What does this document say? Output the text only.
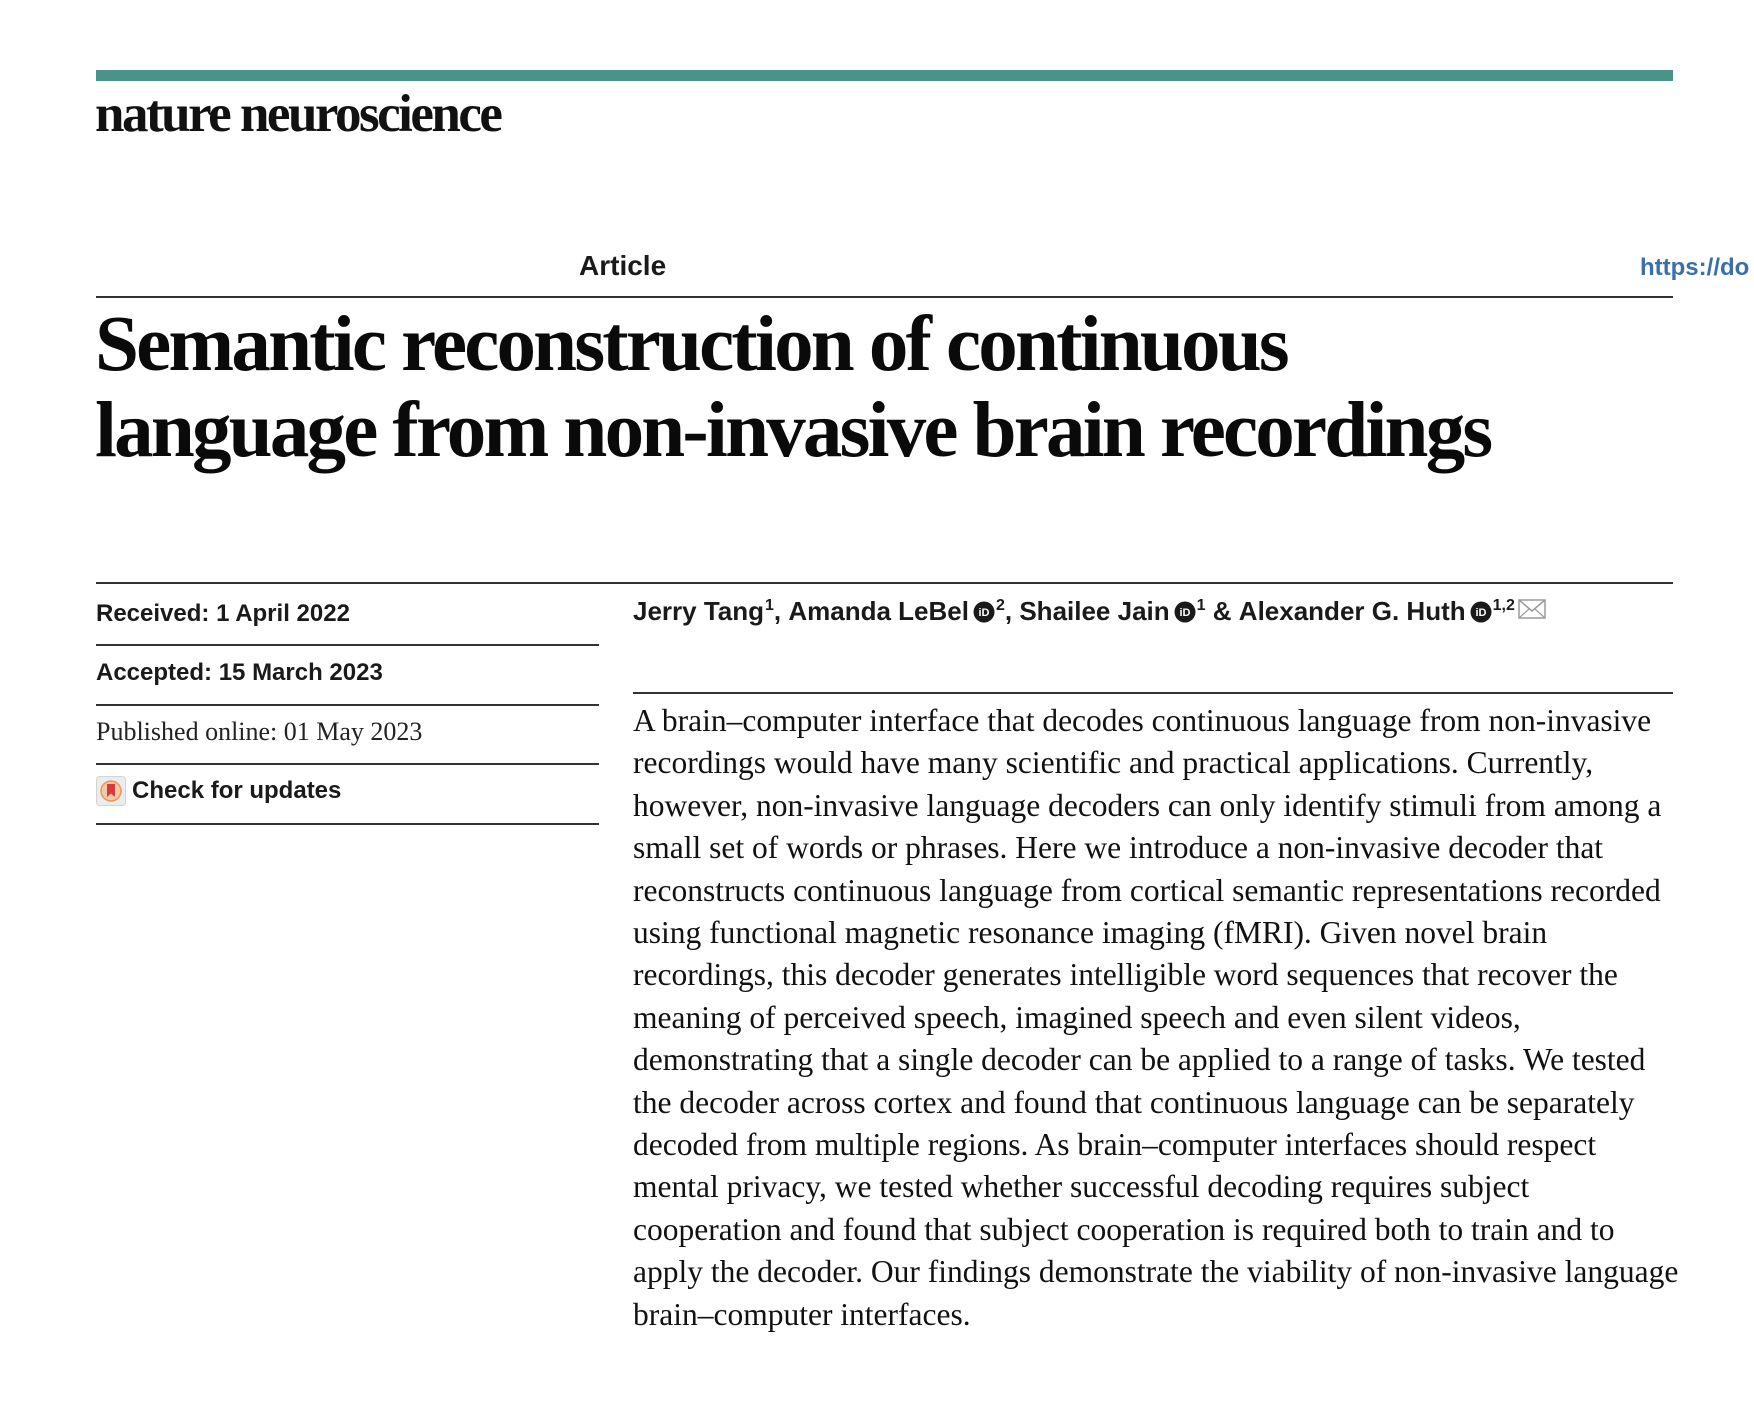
nature neuroscience
Article	https://do
Semantic reconstruction of continuous
language from non-invasive brain recordings
Received: 1 April 2022
Accepted: 15 March 2023
Published online: 01 May 2023
Check for updates
Jerry Tang$^1$ , Amanda LeBel iD $^2$ , Shailee Jain iD $^1$ & Alexander G. Huth iD $^{1,2}$

A brain–computer interface that decodes continuous language from non-invasive recordings would have many scientific and practical applications. Currently, however, non-invasive language decoders can only identify stimuli from among a small set of words or phrases. Here we introduce a non-invasive decoder that reconstructs continuous language from cortical semantic representations recorded using functional magnetic resonance imaging (fMRI). Given novel brain recordings, this decoder generates intelligible word sequences that recover the meaning of perceived speech, imagined speech and even silent videos, demonstrating that a single decoder can be applied to a range of tasks. We tested the decoder across cortex and found that continuous language can be separately decoded from multiple regions. As brain–computer interfaces should respect mental privacy, we tested whether successful decoding requires subject cooperation and found that subject cooperation is required both to train and to apply the decoder. Our findings demonstrate the viability of non-invasive language brain–computer interfaces.
